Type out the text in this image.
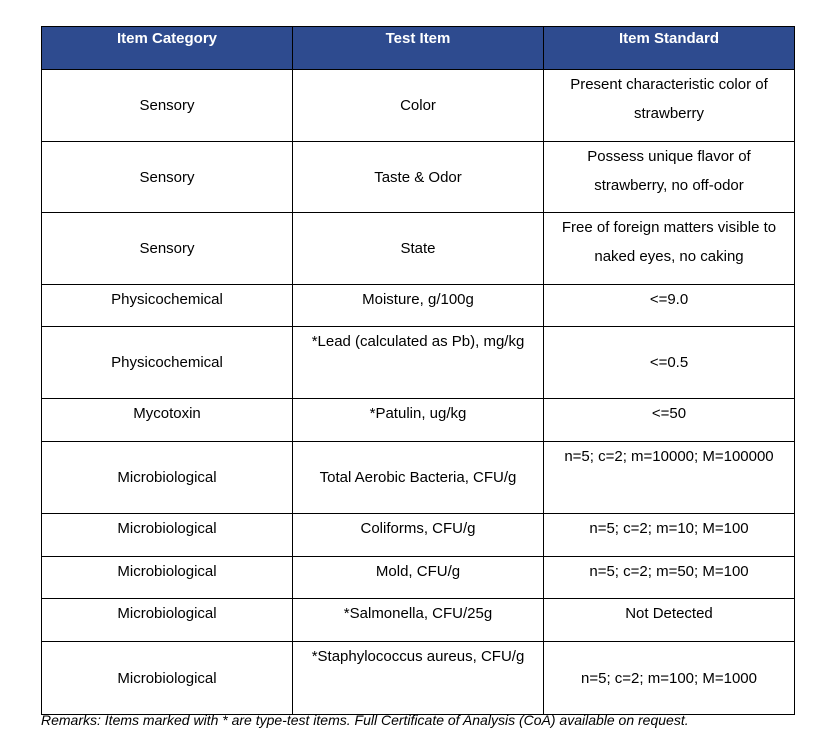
Item Category	Test Item	Item Standard
Sensory	Color	Present characteristic color of strawberry
Sensory	Taste & Odor	Possess unique flavor of strawberry, no off-odor
Sensory	State	Free of foreign matters visible to naked eyes, no caking
Physicochemical	Moisture, g/100g	<=9.0
Physicochemical	*Lead (calculated as Pb), mg/kg	<=0.5
Mycotoxin	*Patulin, ug/kg	<=50
Microbiological	Total Aerobic Bacteria, CFU/g	n=5; c=2; m=10000; M=100000
Microbiological	Coliforms, CFU/g	n=5; c=2; m=10; M=100
Microbiological	Mold, CFU/g	n=5; c=2; m=50; M=100
Microbiological	*Salmonella, CFU/25g	Not Detected
Microbiological	*Staphylococcus aureus, CFU/g	n=5; c=2; m=100; M=1000
Remarks: Items marked with * are type-test items. Full Certificate of Analysis (CoA) available on request.
